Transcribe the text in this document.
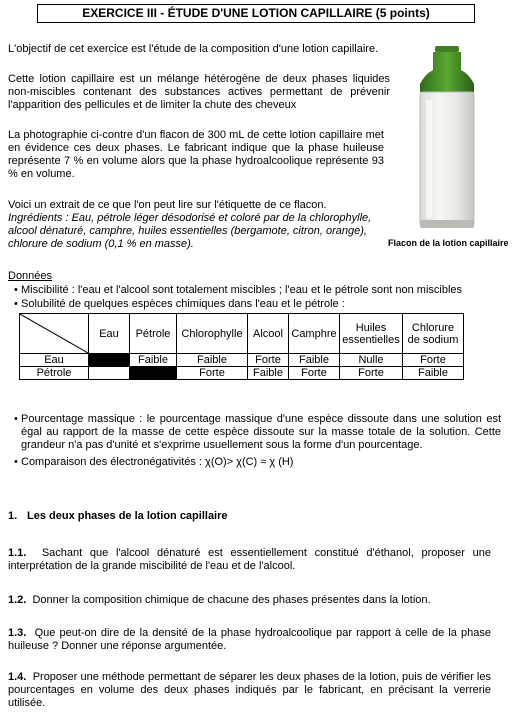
EXERCICE III - ÉTUDE D'UNE LOTION CAPILLAIRE (5 points)

L'objectif de cet exercice est l'étude de la composition d'une lotion capillaire.

Cette lotion capillaire est un mélange hétérogène de deux phases liquides non-miscibles contenant des substances actives permettant de prévenir l'apparition des pellicules et de limiter la chute des cheveux

La photographie ci-contre d'un flacon de 300 mL de cette lotion capillaire met en évidence ces deux phases. Le fabricant indique que la phase huileuse représente 7 % en volume alors que la phase hydroalcoolique représente 93 % en volume.

Voici un extrait de ce que l'on peut lire sur l'étiquette de ce flacon.

Ingrédients : Eau, pétrole léger désodorisé et coloré par de la chlorophylle, alcool dénaturé, camphre, huiles essentielles (bergamote, citron, orange), chlorure de sodium (0,1 % en masse).	Flacon de la lotion capillaire
Données
• Miscibilité : l'eau et l'alcool sont totalement miscibles ; l'eau et le pétrole sont non miscibles

• Solubilité de quelques espèces chimiques dans l'eau et le pétrole :

	Eau	Pétrole	Chlorophylle	Alcool	Camphre	Huiles essentielles	Chlorure de sodium
Eau		Faible	Faible	Forte	Faible	Nulle	Forte
Pétrole			Forte	Faible	Forte	Forte	Faible
• Pourcentage massique : le pourcentage massique d'une espèce dissoute dans une solution est égal au rapport de la masse de cette espèce dissoute sur la masse totale de la solution. Cette grandeur n'a pas d'unité et s'exprime usuellement sous la forme d'un pourcentage.

• Comparaison des électronégativités : χ(O)> χ(C) ≈ χ (H)

1. Les deux phases de la lotion capillaire

1.1. Sachant que l'alcool dénaturé est essentiellement constitué d'éthanol, proposer une interprétation de la grande miscibilité de l'eau et de l'alcool.

1.2. Donner la composition chimique de chacune des phases présentes dans la lotion.

1.3. Que peut-on dire de la densité de la phase hydroalcoolique par rapport à celle de la phase huileuse ? Donner une réponse argumentée.

1.4. Proposer une méthode permettant de séparer les deux phases de la lotion, puis de vérifier les pourcentages en volume des deux phases indiqués par le fabricant, en précisant la verrerie utilisée.
